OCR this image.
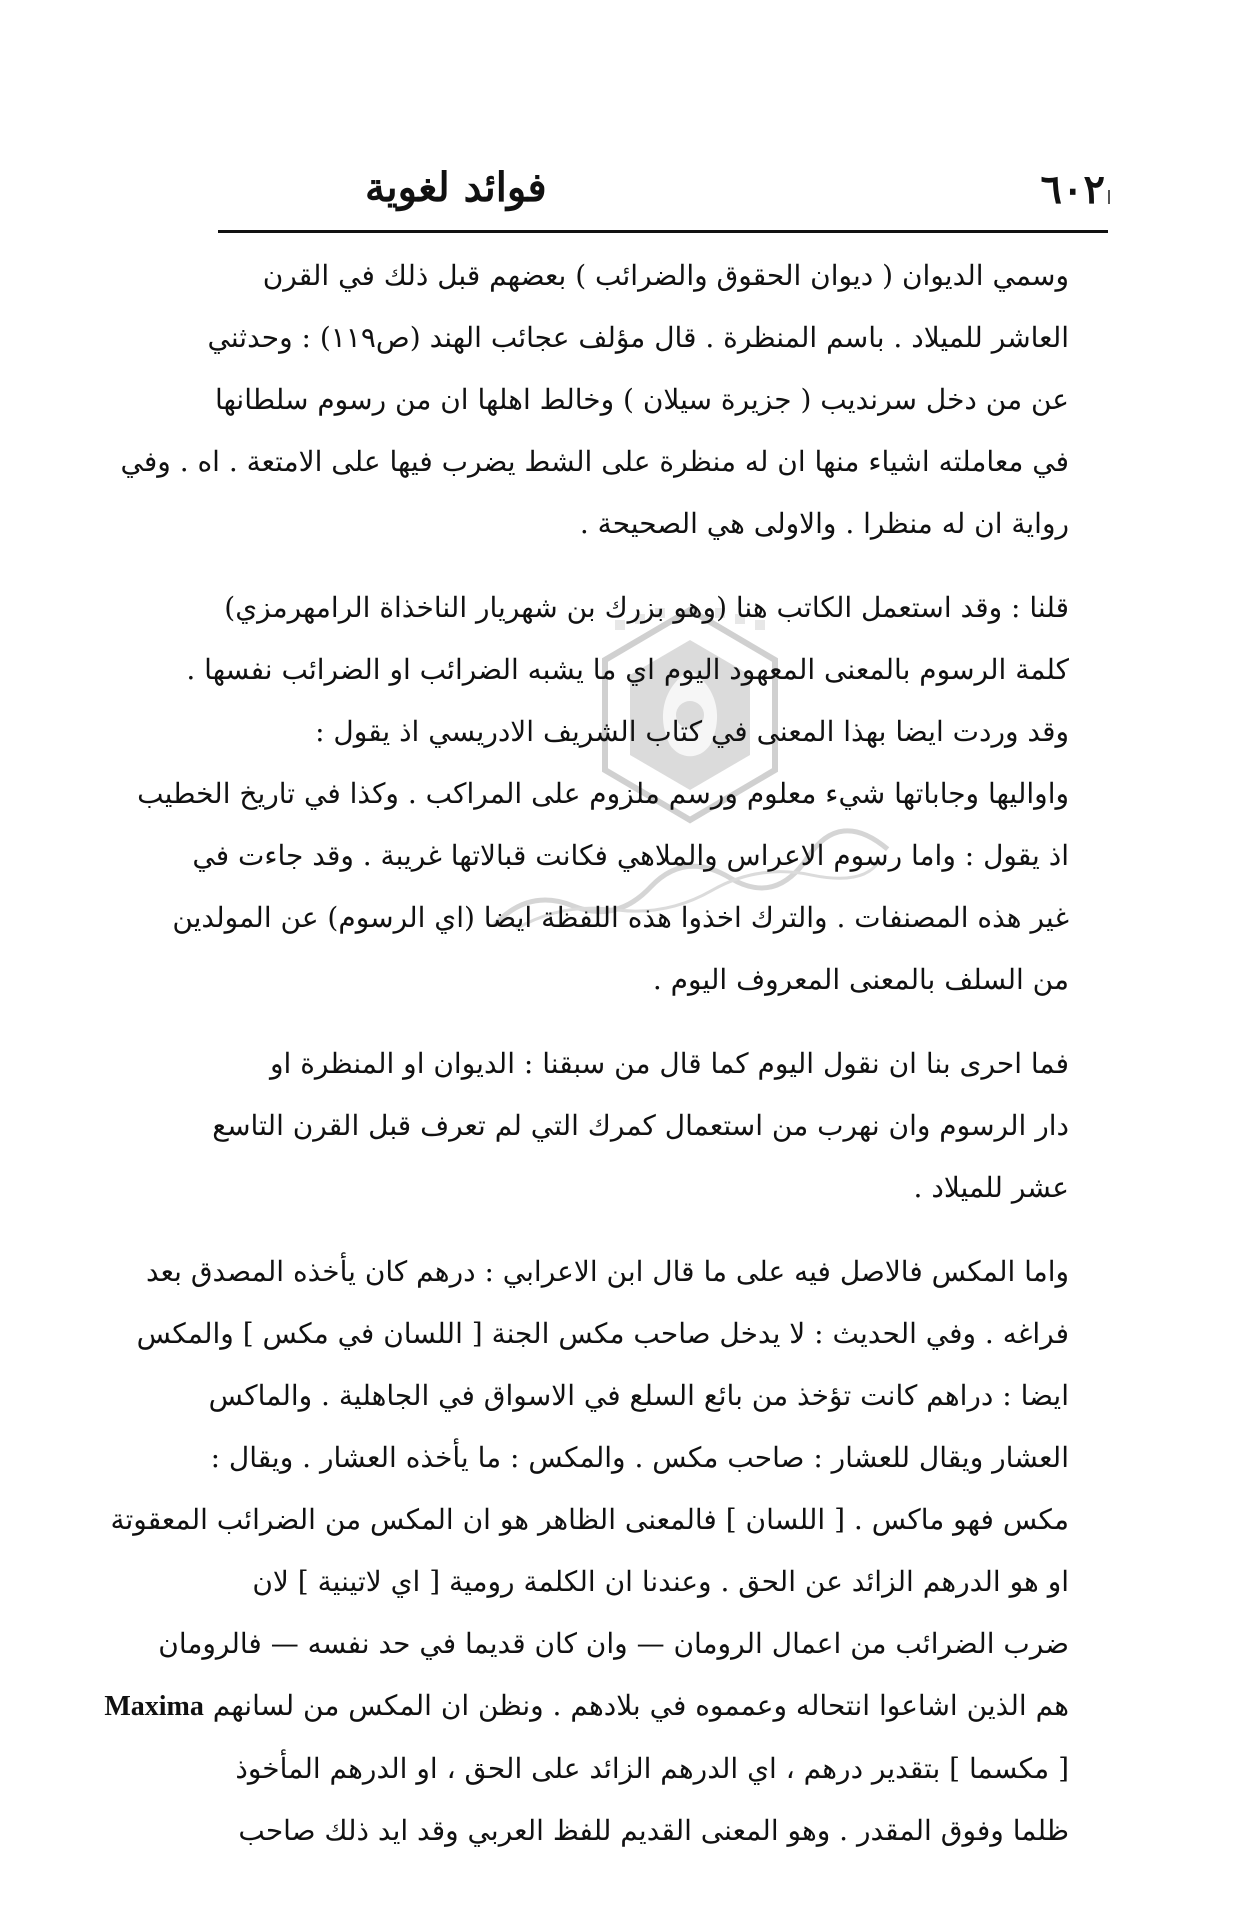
٦٠٢
فوائد لغوية

وسمي الديوان ( ديوان الحقوق والضرائب ) بعضهم قبل ذلك في القرن
العاشر للميلاد . باسم المنظرة . قال مؤلف عجائب الهند (ص١١٩) : وحدثني
عن من دخل سرنديب ( جزيرة سيلان ) وخالط اهلها ان من رسوم سلطانها
في معاملته اشياء منها ان له منظرة على الشط يضرب فيها على الامتعة . اه . وفي
رواية ان له منظرا . والاولى هي الصحيحة .

قلنا : وقد استعمل الكاتب هنا (وهو بزرك بن شهريار الناخذاة الرامهرمزي)
كلمة الرسوم بالمعنى المعهود اليوم اي ما يشبه الضرائب او الضرائب نفسها .

وقد وردت ايضا بهذا المعنى في كتاب الشريف الادريسي اذ يقول :
واواليها وجاباتها شيء معلوم ورسم ملزوم على المراكب . وكذا في تاريخ الخطيب
اذ يقول : واما رسوم الاعراس والملاهي فكانت قبالاتها غريبة . وقد جاءت في
غير هذه المصنفات . والترك اخذوا هذه اللفظة ايضا (اي الرسوم) عن المولدين
من السلف بالمعنى المعروف اليوم .

فما احرى بنا ان نقول اليوم كما قال من سبقنا : الديوان او المنظرة او
دار الرسوم وان نهرب من استعمال كمرك التي لم تعرف قبل القرن التاسع
عشر للميلاد .

واما المكس فالاصل فيه على ما قال ابن الاعرابي : درهم كان يأخذه المصدق بعد
فراغه . وفي الحديث : لا يدخل صاحب مكس الجنة [ اللسان في مكس ] والمكس
ايضا : دراهم كانت تؤخذ من بائع السلع في الاسواق في الجاهلية . والماكس
العشار ويقال للعشار : صاحب مكس . والمكس : ما يأخذه العشار . ويقال :
مكس فهو ماكس . [ اللسان ] فالمعنى الظاهر هو ان المكس من الضرائب المعقوتة
او هو الدرهم الزائد عن الحق . وعندنا ان الكلمة رومية [ اي لاتينية ] لان
ضرب الضرائب من اعمال الرومان — وان كان قديما في حد نفسه — فالرومان
هم الذين اشاعوا انتحاله وعمموه في بلادهم . ونظن ان المكس من لسانهم Maxima
[ مكسما ] بتقدير درهم ، اي الدرهم الزائد على الحق ، او الدرهم المأخوذ
ظلما وفوق المقدر . وهو المعنى القديم للفظ العربي وقد ايد ذلك صاحب
